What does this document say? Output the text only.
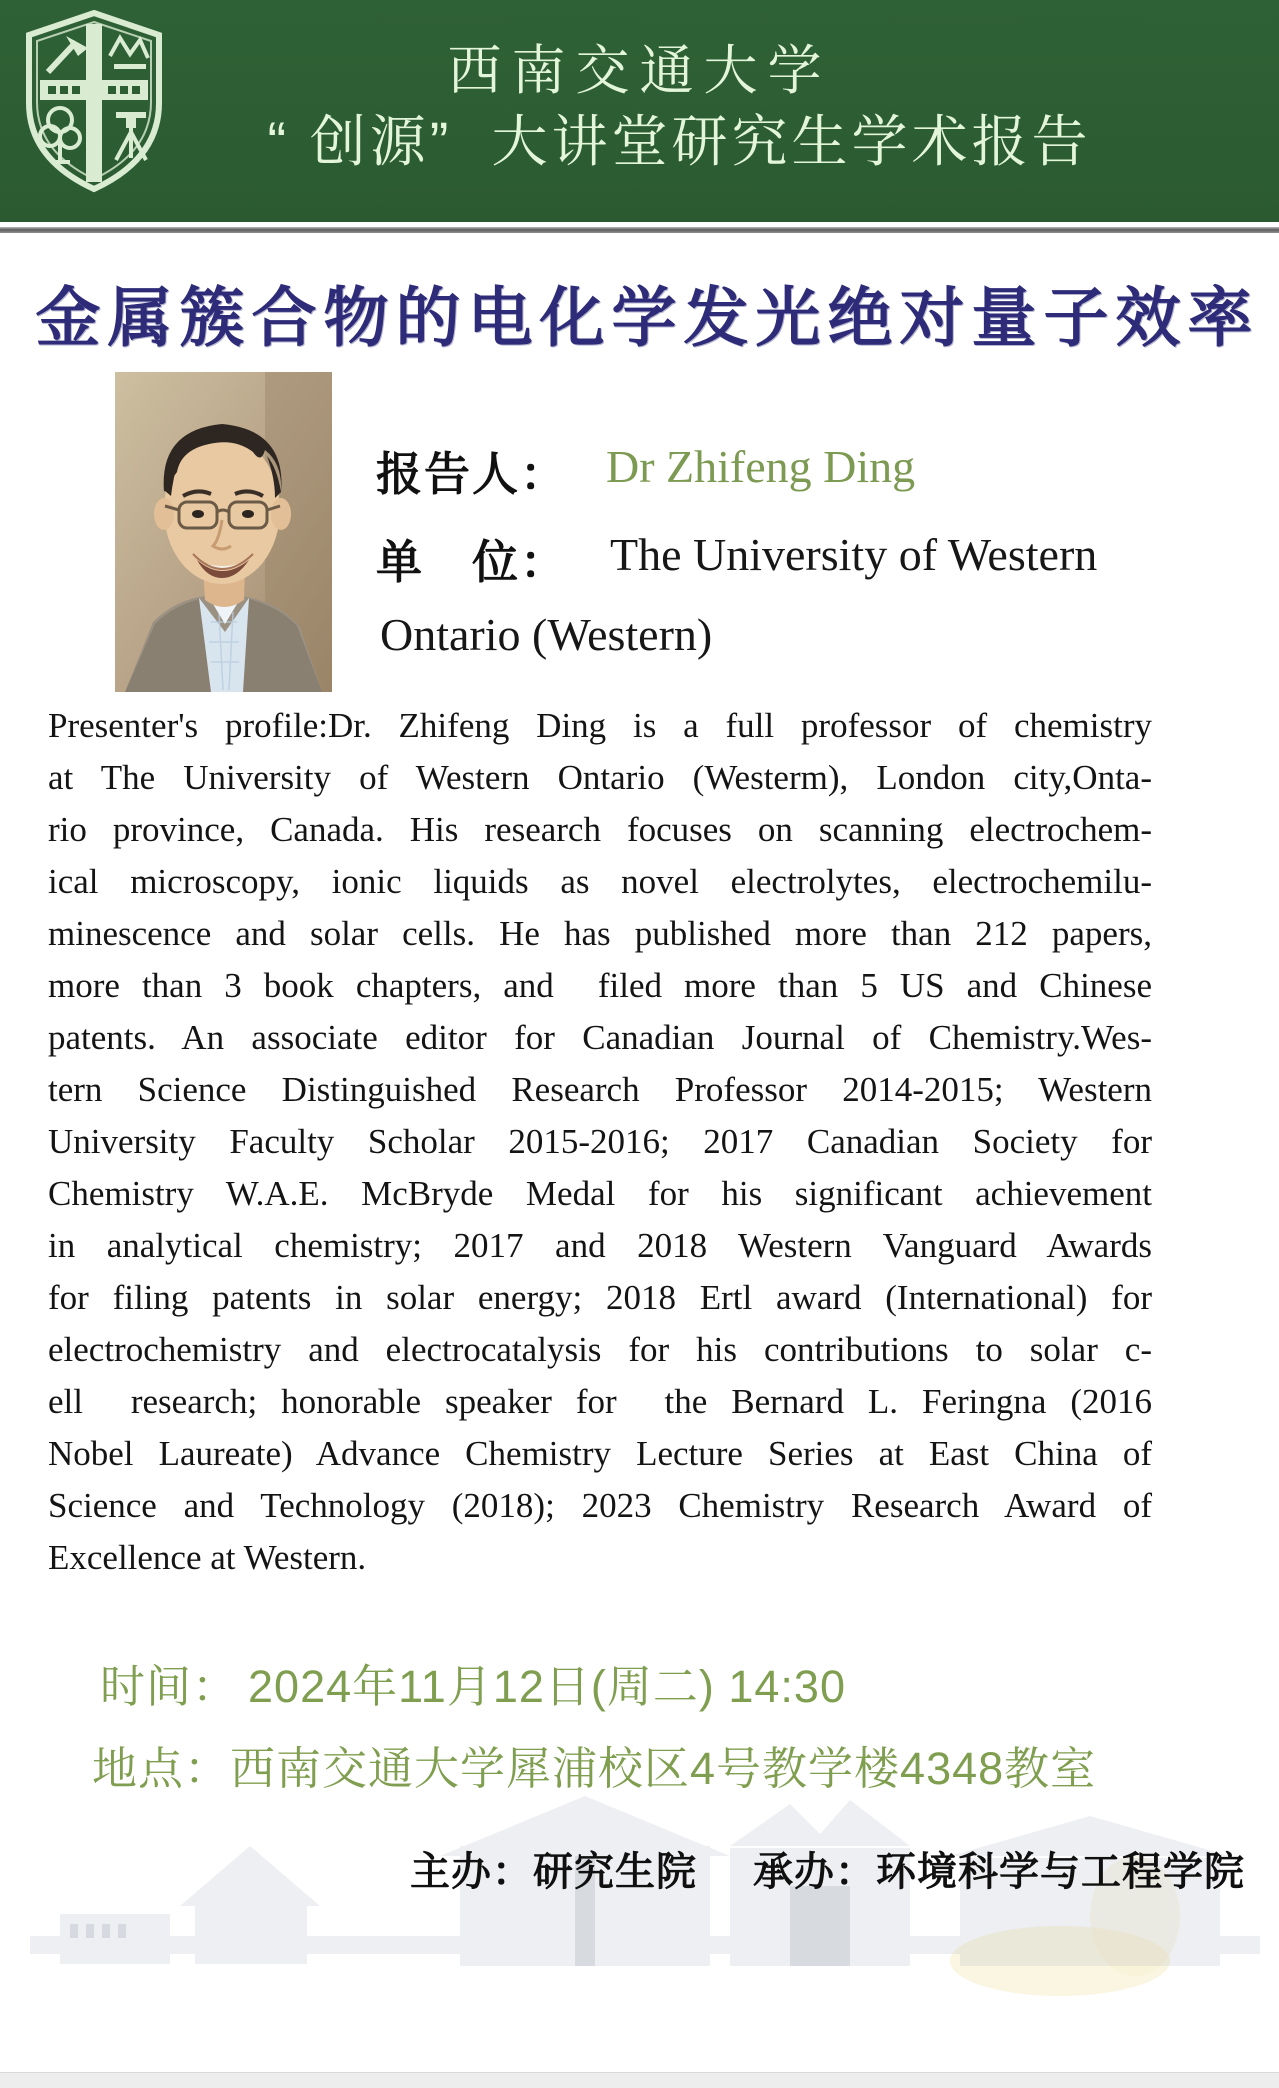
西南交通大学
“ 创源”  大讲堂研究生学术报告
金属簇合物的电化学发光绝对量子效率
报告人： Dr Zhifeng Ding
单　位： The University of Western
Ontario (Western)
Presenter's profile:Dr. Zhifeng Ding is a full professor of chemistry
at The University of Western Ontario (Westerm), London city,Onta-
rio province, Canada. His research focuses on scanning electrochem-
ical microscopy, ionic liquids as novel electrolytes, electrochemilu-
minescence and solar cells. He has published more than 212 papers,
more than 3 book chapters, and  filed more than 5 US and Chinese
patents. An associate editor for Canadian Journal of Chemistry.Wes-
tern Science Distinguished Research Professor 2014-2015; Western
University Faculty Scholar 2015-2016; 2017 Canadian Society for
Chemistry W.A.E. McBryde Medal for his significant achievement
in analytical chemistry; 2017 and 2018 Western Vanguard Awards
for filing patents in solar energy; 2018 Ertl award (International) for
electrochemistry and electrocatalysis for his contributions to solar c-
ell  research; honorable speaker for  the Bernard L. Feringna (2016
Nobel Laureate) Advance Chemistry Lecture Series at East China of
Science and Technology (2018); 2023 Chemistry Research Award of
Excellence at Western.
时间： 2024年11月12日(周二) 14:30
地点：西南交通大学犀浦校区4号教学楼4348教室
主办：研究生院 承办：环境科学与工程学院
